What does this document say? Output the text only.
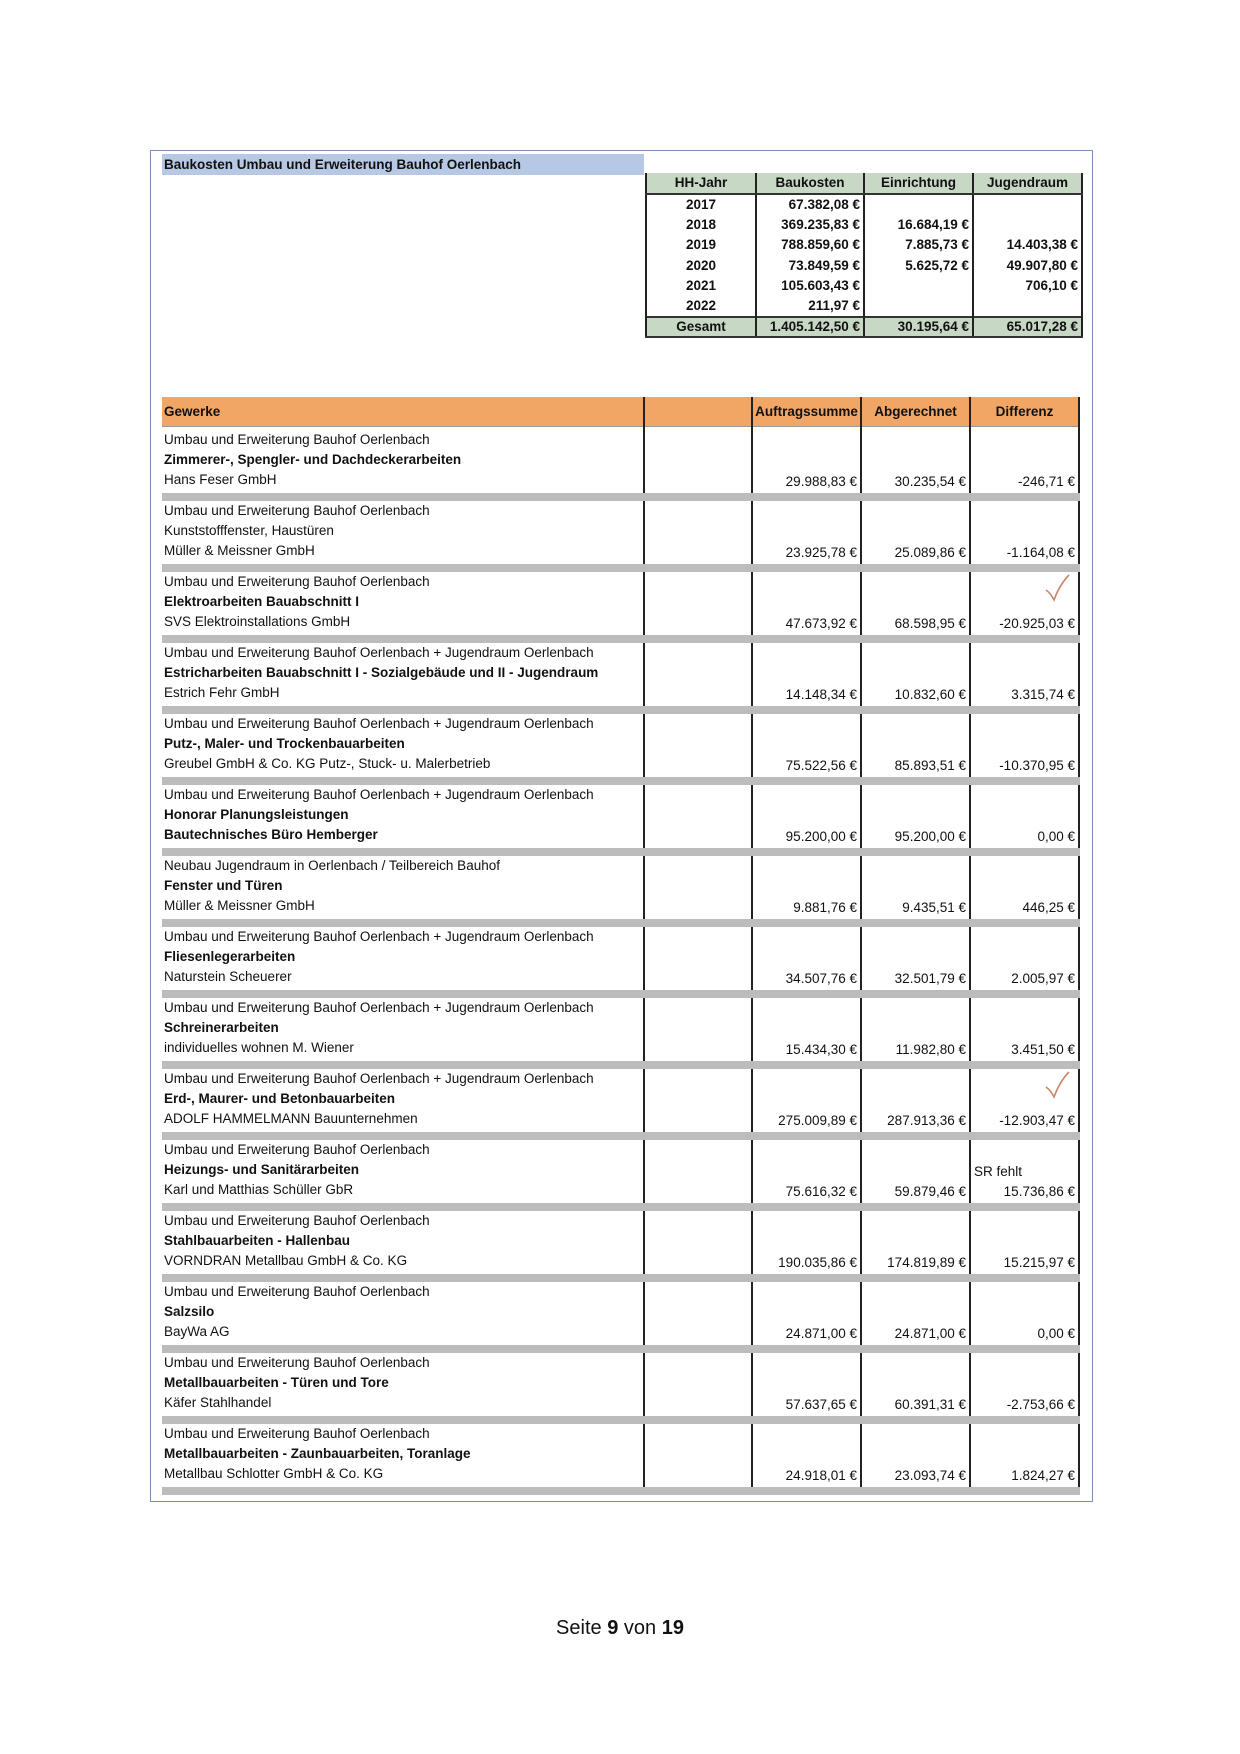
Baukosten Umbau und Erweiterung Bauhof Oerlenbach
HH-Jahr	Baukosten	Einrichtung	Jugendraum
2017	67.382,08 €		
2018	369.235,83 €	16.684,19 €	
2019	788.859,60 €	7.885,73 €	14.403,38 €
2020	73.849,59 €	5.625,72 €	49.907,80 €
2021	105.603,43 €		706,10 €
2022	211,97 €		
Gesamt	1.405.142,50 €	30.195,64 €	65.017,28 €
Gewerke		Auftragssumme	Abgerechnet	Differenz

Umbau und Erweiterung Bauhof Oerlenbach
Zimmerer-, Spengler- und Dachdeckerarbeiten
Hans Feser GmbH		29.988,83 €	30.235,54 €	-246,71 €

Umbau und Erweiterung Bauhof Oerlenbach
Kunststofffenster, Haustüren
Müller & Meissner GmbH		23.925,78 €	25.089,86 €	-1.164,08 €

Umbau und Erweiterung Bauhof Oerlenbach
Elektroarbeiten Bauabschnitt I
SVS Elektroinstallations GmbH		47.673,92 €	68.598,95 €	-20.925,03 €

Umbau und Erweiterung Bauhof Oerlenbach + Jugendraum Oerlenbach
Estricharbeiten Bauabschnitt I - Sozialgebäude und II - Jugendraum
Estrich Fehr GmbH		14.148,34 €	10.832,60 €	3.315,74 €

Umbau und Erweiterung Bauhof Oerlenbach + Jugendraum Oerlenbach
Putz-, Maler- und Trockenbauarbeiten
Greubel GmbH & Co. KG Putz-, Stuck- u. Malerbetrieb		75.522,56 €	85.893,51 €	-10.370,95 €

Umbau und Erweiterung Bauhof Oerlenbach + Jugendraum Oerlenbach
Honorar Planungsleistungen
Bautechnisches Büro Hemberger		95.200,00 €	95.200,00 €	0,00 €

Neubau Jugendraum in Oerlenbach / Teilbereich Bauhof
Fenster und Türen
Müller & Meissner GmbH		9.881,76 €	9.435,51 €	446,25 €

Umbau und Erweiterung Bauhof Oerlenbach + Jugendraum Oerlenbach
Fliesenlegerarbeiten
Naturstein Scheuerer		34.507,76 €	32.501,79 €	2.005,97 €

Umbau und Erweiterung Bauhof Oerlenbach + Jugendraum Oerlenbach
Schreinerarbeiten
individuelles wohnen M. Wiener		15.434,30 €	11.982,80 €	3.451,50 €

Umbau und Erweiterung Bauhof Oerlenbach + Jugendraum Oerlenbach
Erd-, Maurer- und Betonbauarbeiten
ADOLF HAMMELMANN Bauunternehmen		275.009,89 €	287.913,36 €	-12.903,47 €

Umbau und Erweiterung Bauhof Oerlenbach
Heizungs- und Sanitärarbeiten
Karl und Matthias Schüller GbR		75.616,32 €	59.879,46 €	15.736,86 €
SR fehlt

Umbau und Erweiterung Bauhof Oerlenbach
Stahlbauarbeiten - Hallenbau
VORNDRAN Metallbau GmbH & Co. KG		190.035,86 €	174.819,89 €	15.215,97 €

Umbau und Erweiterung Bauhof Oerlenbach
Salzsilo
BayWa AG		24.871,00 €	24.871,00 €	0,00 €

Umbau und Erweiterung Bauhof Oerlenbach
Metallbauarbeiten - Türen und Tore
Käfer Stahlhandel		57.637,65 €	60.391,31 €	-2.753,66 €

Umbau und Erweiterung Bauhof Oerlenbach
Metallbauarbeiten - Zaunbauarbeiten, Toranlage
Metallbau Schlotter GmbH & Co. KG		24.918,01 €	23.093,74 €	1.824,27 €
Seite 9 von 19
